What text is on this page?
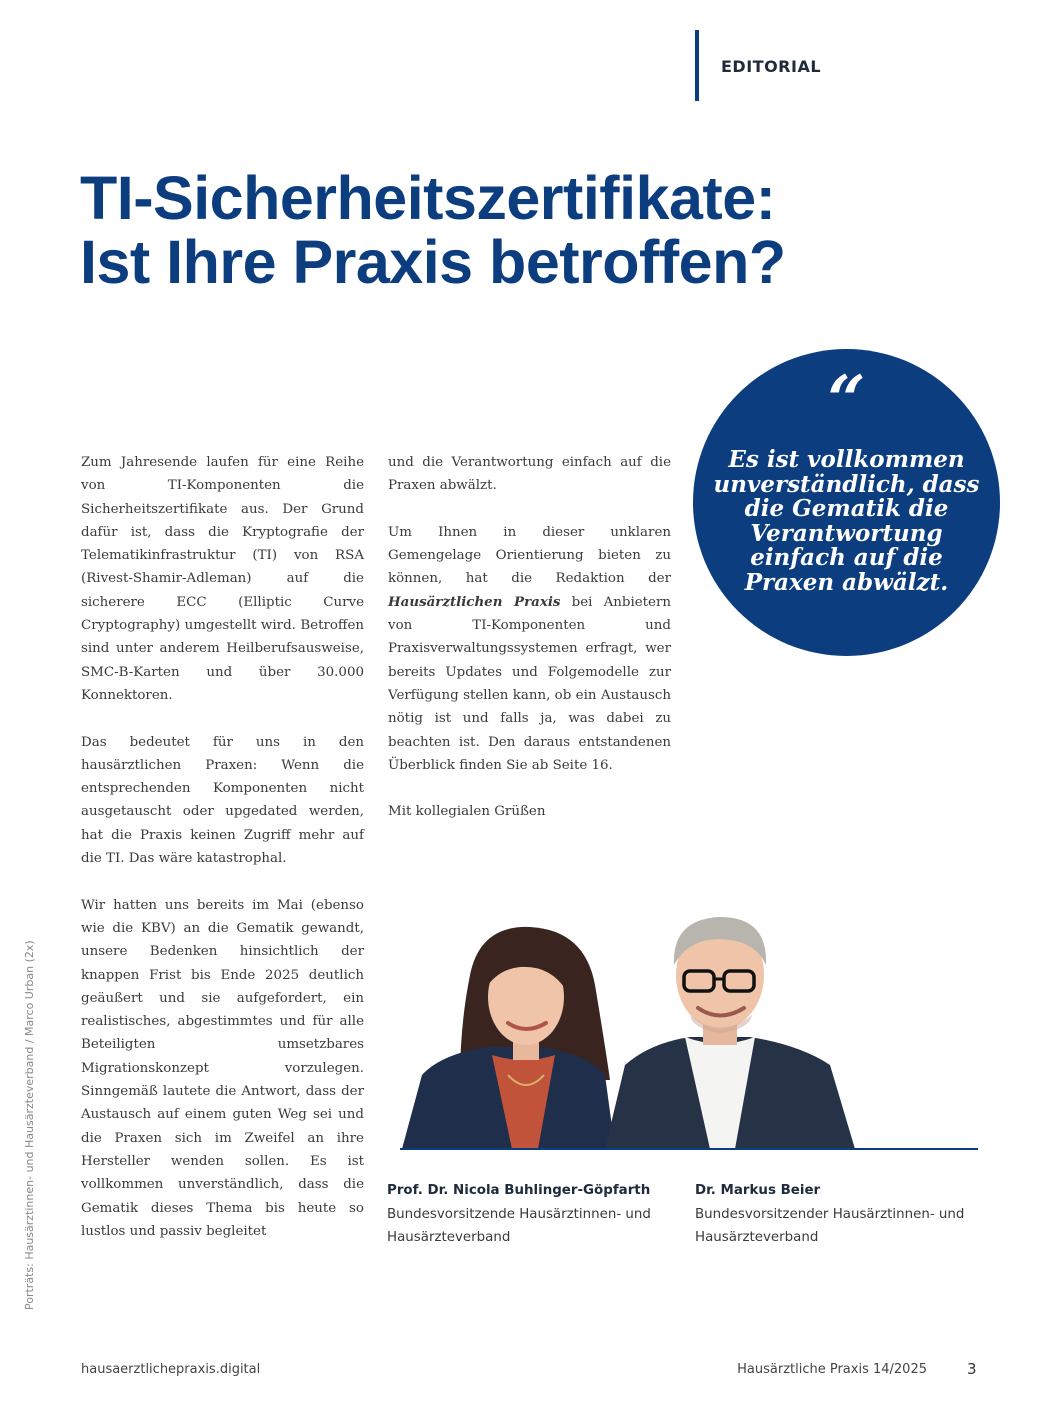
EDITORIAL
TI-Sicherheitszertifikate:
Ist Ihre Praxis betroffen?
“
Es ist vollkommen unverständlich, dass die Gematik die Verantwortung einfach auf die Praxen abwälzt.

Zum Jahresende laufen für eine Reihe von TI-Komponenten die Sicherheitszertifikate aus. Der Grund dafür ist, dass die Kryptografie der Telematikinfrastruktur (TI) von RSA (Rivest-Shamir-Adleman) auf die sicherere ECC (Elliptic Curve Cryptography) umgestellt wird. Betroffen sind unter anderem Heilberufsausweise, SMC-B-Karten und über 30.000 Konnektoren.

Das bedeutet für uns in den hausärztlichen Praxen: Wenn die entsprechenden Komponenten nicht ausgetauscht oder upgedated werden, hat die Praxis keinen Zugriff mehr auf die TI. Das wäre katastrophal.

Wir hatten uns bereits im Mai (ebenso wie die KBV) an die Gematik gewandt, unsere Bedenken hinsichtlich der knappen Frist bis Ende 2025 deutlich geäußert und sie aufgefordert, ein realistisches, abgestimmtes und für alle Beteiligten umsetzbares Migrationskonzept vorzulegen. Sinngemäß lautete die Antwort, dass der Austausch auf einem guten Weg sei und die Praxen sich im Zweifel an ihre Hersteller wenden sollen. Es ist vollkommen unverständlich, dass die Gematik dieses Thema bis heute so lustlos und passiv begleitet

und die Verantwortung einfach auf die Praxen abwälzt.

Um Ihnen in dieser unklaren Gemengelage Orientierung bieten zu können, hat die Redaktion der Hausärztlichen Praxis bei Anbietern von TI-Komponenten und Praxisverwaltungssystemen erfragt, wer bereits Updates und Folgemodelle zur Verfügung stellen kann, ob ein Austausch nötig ist und falls ja, was dabei zu beachten ist. Den daraus entstandenen Überblick finden Sie ab Seite 16.

Mit kollegialen Grüßen

Prof. Dr. Nicola Buhlinger-Göpfarth
Bundesvorsitzende Hausärztinnen- und Hausärzteverband
Dr. Markus Beier
Bundesvorsitzender Hausärztinnen- und Hausärzteverband
Porträts: Hausärztinnen- und Hausärzteverband / Marco Urban (2x)
hausaerztlichepraxis.digital	Hausärztliche Praxis 14/2025	3
